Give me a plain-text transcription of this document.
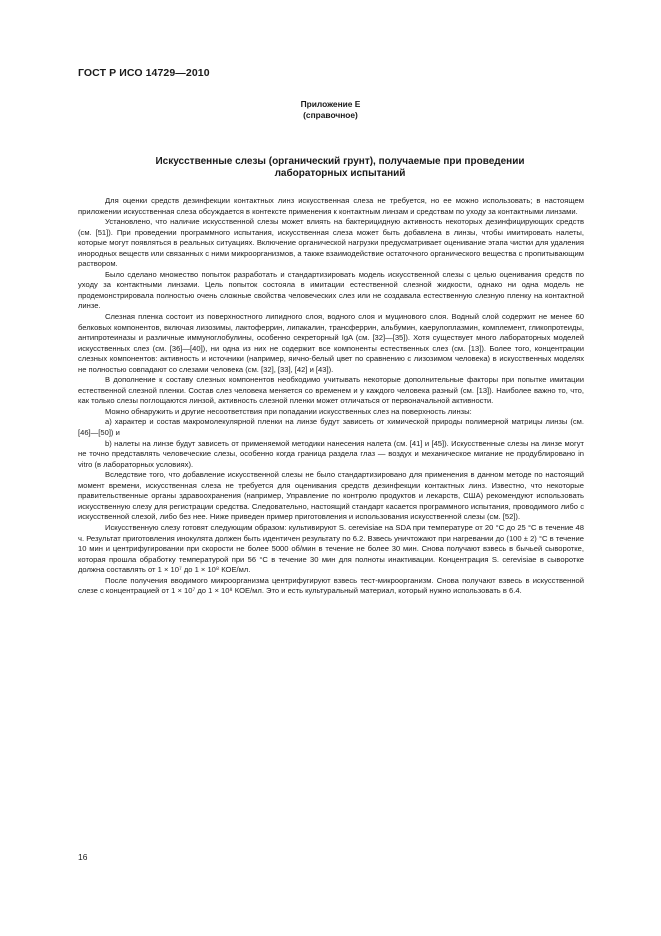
ГОСТ Р ИСО 14729—2010
Приложение Е
(справочное)
Искусственные слезы (органический грунт), получаемые при проведении
лабораторных испытаний

Для оценки средств дезинфекции контактных линз искусственная слеза не требуется, но ее можно использовать; в настоящем приложении искусственная слеза обсуждается в контексте применения к контактным линзам и средствам по уходу за контактными линзами.

Установлено, что наличие искусственной слезы может влиять на бактерицидную активность некоторых дезинфицирующих средств (см. [51]). При проведении программного испытания, искусственная слеза может быть добавлена в линзы, чтобы имитировать налеты, которые могут появляться в реальных ситуациях. Включение органической нагрузки предусматривает оценивание этапа чистки для удаления инородных веществ или связанных с ними микроорганизмов, а также взаимодействие остаточного органического вещества с пропитывающим раствором.

Было сделано множество попыток разработать и стандартизировать модель искусственной слезы с целью оценивания средств по уходу за контактными линзами. Цель попыток состояла в имитации естественной слезной жидкости, однако ни одна модель не продемонстрировала полностью очень сложные свойства человеческих слез или не создавала естественную слезную пленку на контактной линзе.

Слезная пленка состоит из поверхностного липидного слоя, водного слоя и муцинового слоя. Водный слой содержит не менее 60 белковых компонентов, включая лизозимы, лактоферрин, липакалин, трансферрин, альбумин, каерулоплазмин, комплемент, гликопротеиды, антипротеиназы и различные иммуноглобулины, особенно секреторный IgA (см. [32]—[35]). Хотя существует много лабораторных моделей искусственных слез (см. [36]—[40]), ни одна из них не содержит все компоненты естественных слез (см. [13]). Более того, концентрации слезных компонентов: активность и источники (например, яично-белый цвет по сравнению с лизозимом человека) в искусственных моделях не полностью совпадают со слезами человека (см. [32], [33], [42] и [43]).

В дополнение к составу слезных компонентов необходимо учитывать некоторые дополнительные факторы при попытке имитации естественной слезной пленки. Состав слез человека меняется со временем и у каждого человека разный (см. [13]). Наиболее важно то, что, как только слезы поглощаются линзой, активность слезной пленки может отличаться от первоначальной активности.

Можно обнаружить и другие несоответствия при попадании искусственных слез на поверхность линзы:

a) характер и состав макромолекулярной пленки на линзе будут зависеть от химической природы полимерной матрицы линзы (см. [46]—[50]) и

b) налеты на линзе будут зависеть от применяемой методики нанесения налета (см. [41] и [45]). Искусственные слезы на линзе могут не точно представлять человеческие слезы, особенно когда граница раздела глаз — воздух и механическое мигание не продублировано in vitro (в лабораторных условиях).

Вследствие того, что добавление искусственной слезы не было стандартизировано для применения в данном методе по настоящий момент времени, искусственная слеза не требуется для оценивания средств дезинфекции контактных линз. Известно, что некоторые правительственные органы здравоохранения (например, Управление по контролю продуктов и лекарств, США) рекомендуют использовать искусственную слезу для регистрации средства. Следовательно, настоящий стандарт касается программного испытания, проводимого либо с искусственной слезой, либо без нее. Ниже приведен пример приготовления и использования искусственной слезы (см. [52]).

Искусственную слезу готовят следующим образом: культивируют S. cerevisiae на SDA при температуре от 20 °С до 25 °С в течение 48 ч. Результат приготовления инокулята должен быть идентичен результату по 6.2. Взвесь уничтожают при нагревании до (100 ± 2) °С в течение 10 мин и центрифугировании при скорости не более 5000 об/мин в течение не более 30 мин. Снова получают взвесь в бычьей сыворотке, которая прошла обработку температурой при 56 °С в течение 30 мин для полноты инактивации. Концентрация S. cerevisiae в сыворотке должна составлять от 1 × 10⁷ до 1 × 10⁸ КОЕ/мл.

После получения вводимого микроорганизма центрифугируют взвесь тест-микроорганизм. Снова получают взвесь в искусственной слезе с концентрацией от 1 × 10⁷ до 1 × 10⁸ КОЕ/мл. Это и есть культуральный материал, который нужно использовать в 6.4.

16
